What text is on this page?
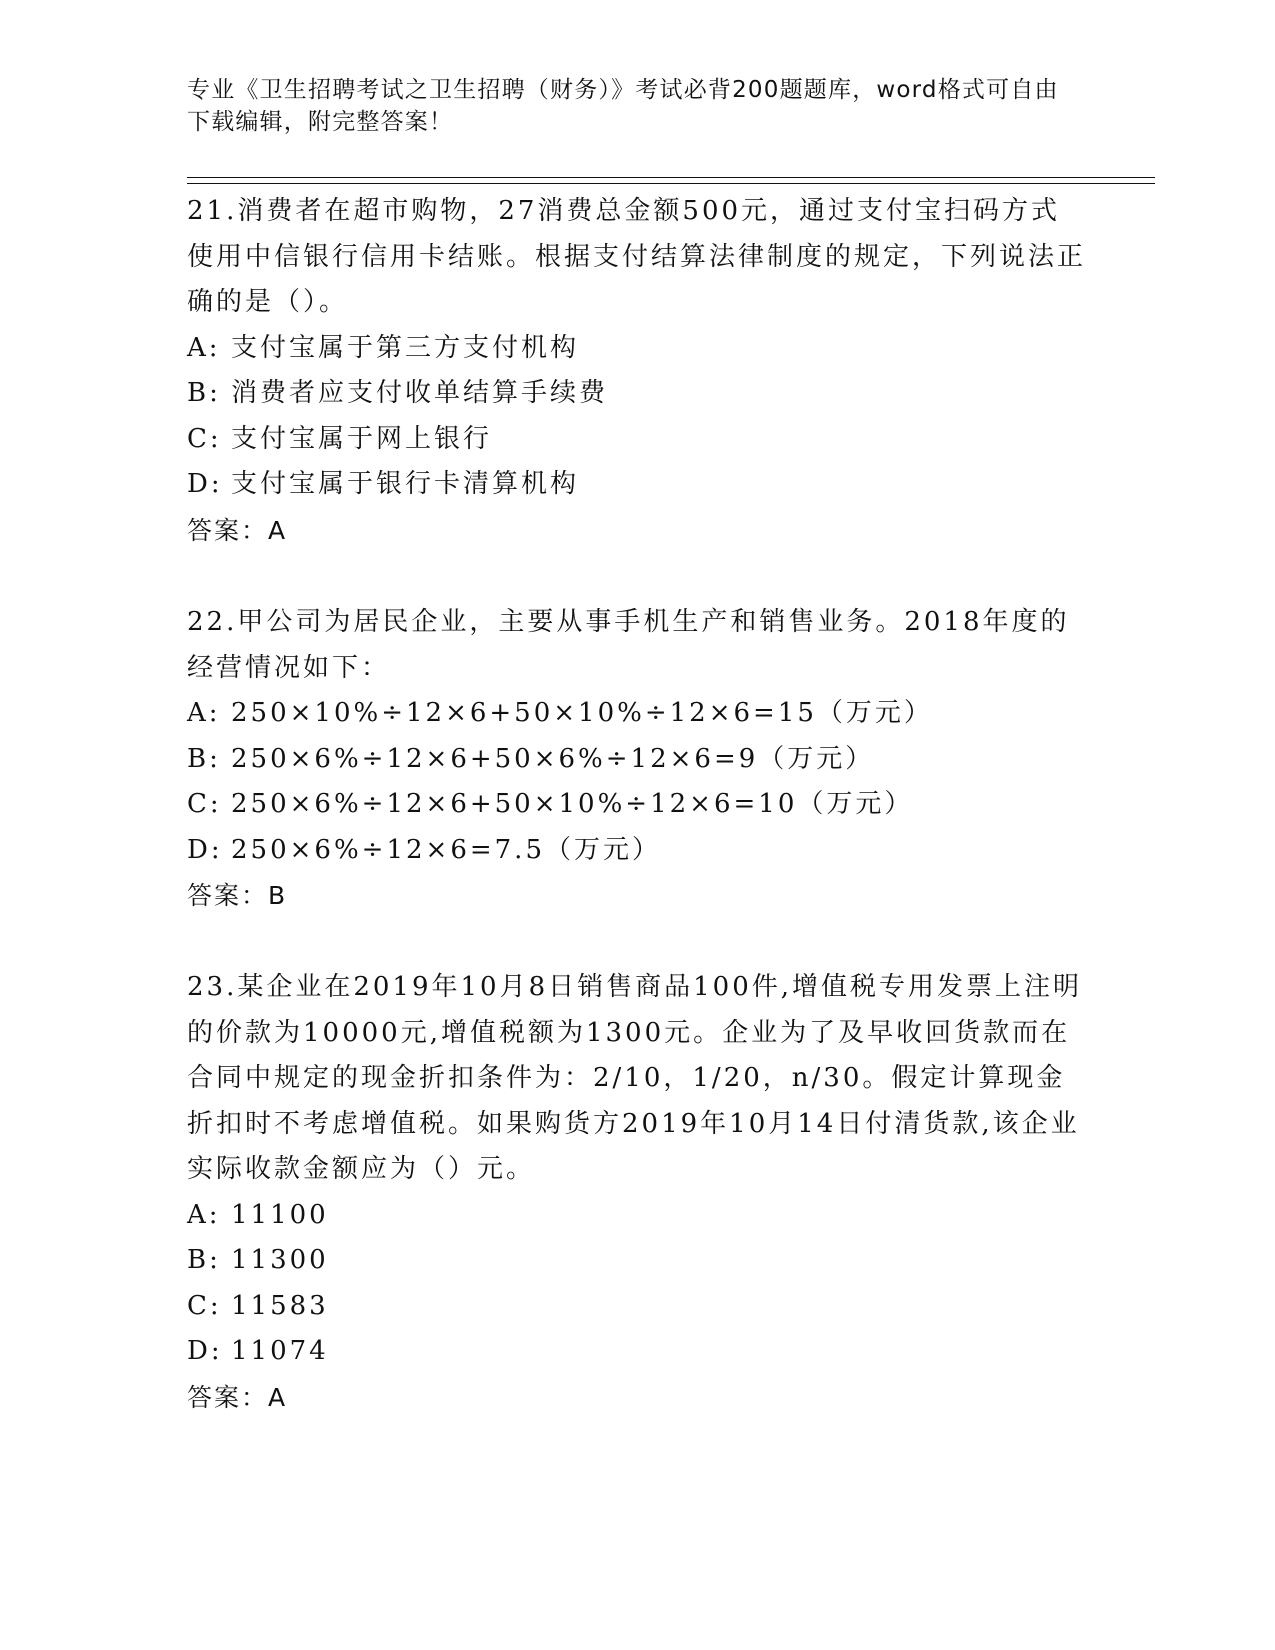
专业《卫生招聘考试之卫生招聘（财务）》考试必背200题题库，word格式可自由下载编辑，附完整答案！

21.消费者在超市购物，27消费总金额500元，通过支付宝扫码方式使用中信银行信用卡结账。根据支付结算法律制度的规定，下列说法正确的是（）。

A: 支付宝属于第三方支付机构
B: 消费者应支付收单结算手续费
C: 支付宝属于网上银行
D: 支付宝属于银行卡清算机构
答案：A

22.甲公司为居民企业，主要从事手机生产和销售业务。2018年度的经营情况如下：

A: 250×10%÷12×6+50×10%÷12×6=15（万元）
B: 250×6%÷12×6+50×6%÷12×6=9（万元）
C: 250×6%÷12×6+50×10%÷12×6=10（万元）
D: 250×6%÷12×6=7.5（万元）
答案：B

23.某企业在2019年10月8日销售商品100件,增值税专用发票上注明的价款为10000元,增值税额为1300元。企业为了及早收回货款而在合同中规定的现金折扣条件为：2/10，1/20，n/30。假定计算现金折扣时不考虑增值税。如果购货方2019年10月14日付清货款,该企业实际收款金额应为（）元。

A: 11100
B: 11300
C: 11583
D: 11074
答案：A
